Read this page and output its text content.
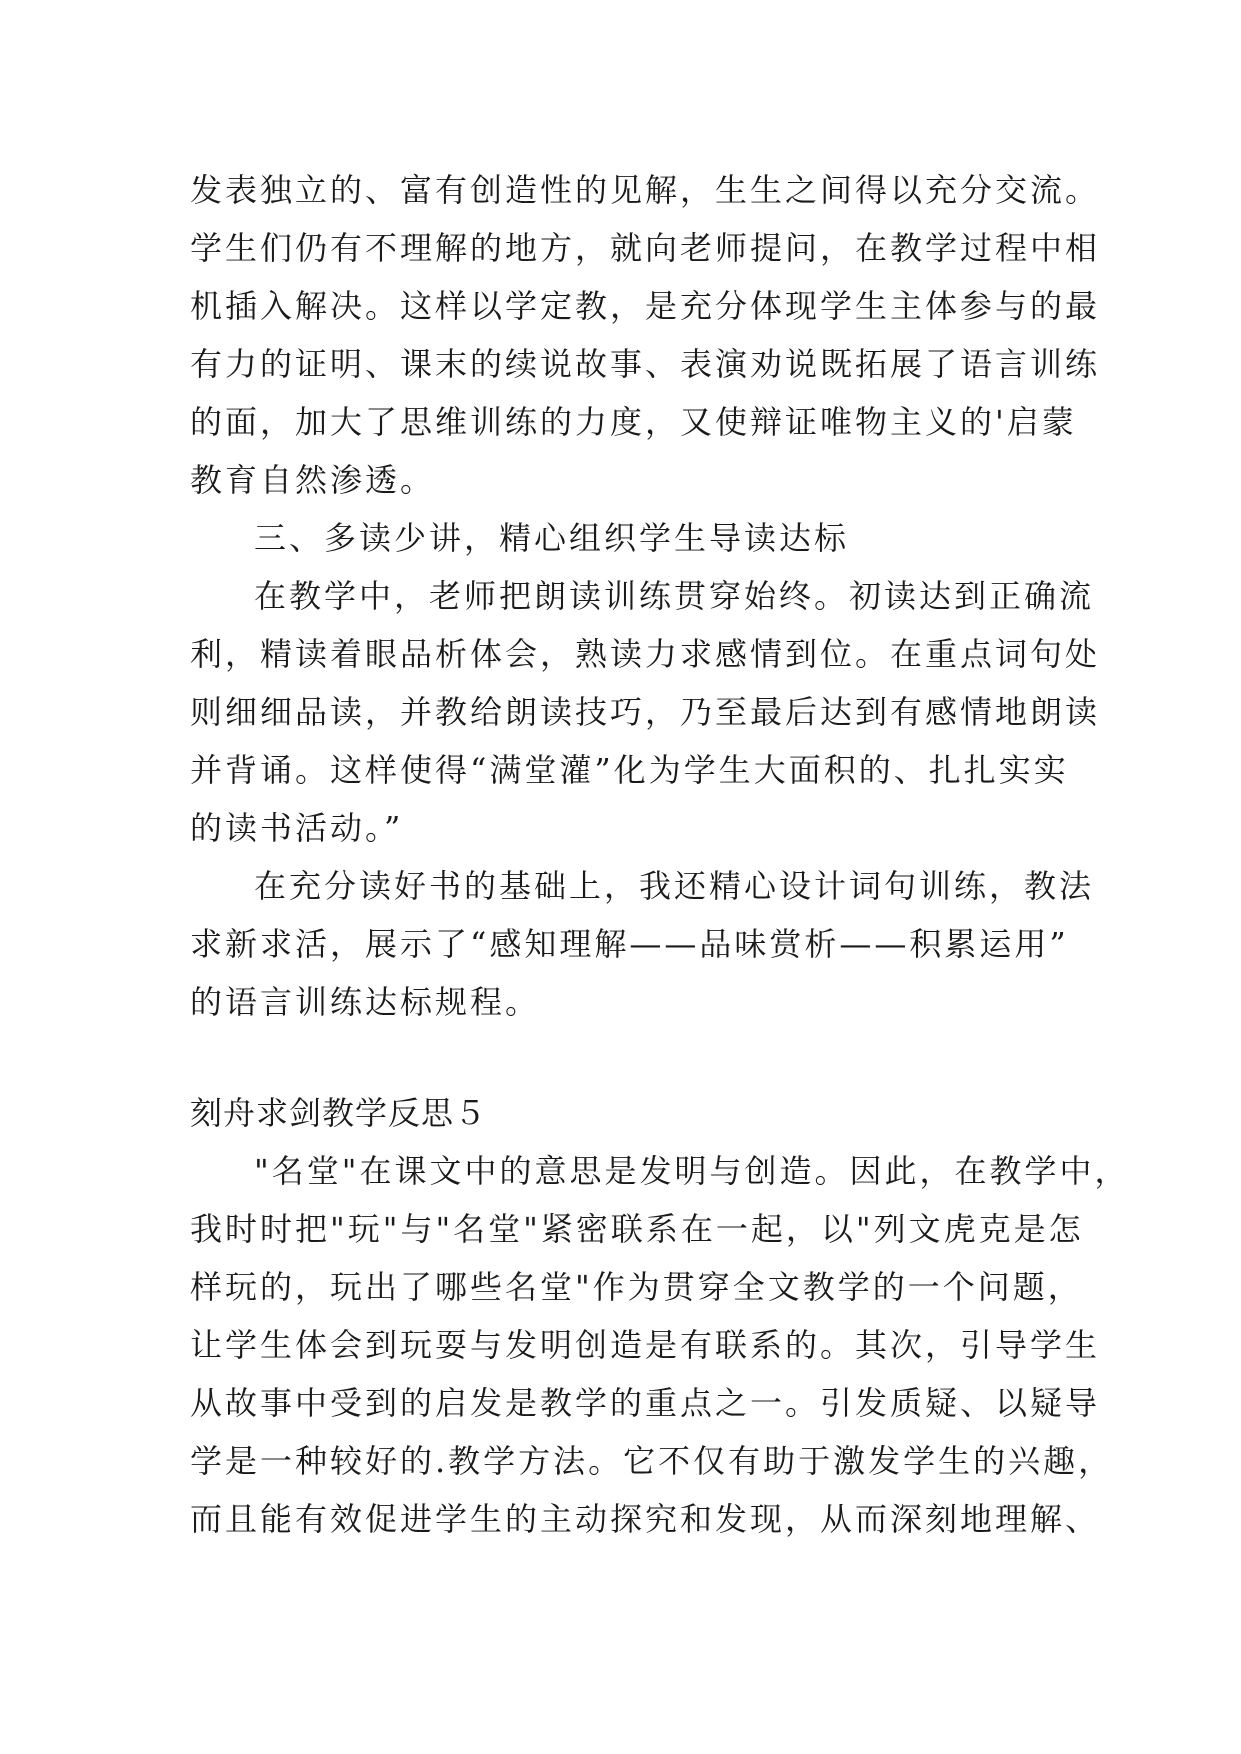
发表独立的、富有创造性的见解，生生之间得以充分交流。
学生们仍有不理解的地方，就向老师提问，在教学过程中相
机插入解决。这样以学定教，是充分体现学生主体参与的最
有力的证明、课末的续说故事、表演劝说既拓展了语言训练
的面，加大了思维训练的力度，又使辩证唯物主义的'启蒙
教育自然渗透。
三、多读少讲，精心组织学生导读达标
在教学中，老师把朗读训练贯穿始终。初读达到正确流
利，精读着眼品析体会，熟读力求感情到位。在重点词句处
则细细品读，并教给朗读技巧，乃至最后达到有感情地朗读
并背诵。这样使得“满堂灌”化为学生大面积的、扎扎实实
的读书活动。”
在充分读好书的基础上，我还精心设计词句训练，教法
求新求活，展示了“感知理解——品味赏析——积累运用”
的语言训练达标规程。
刻舟求剑教学反思５
"名堂"在课文中的意思是发明与创造。因此，在教学中，
我时时把"玩"与"名堂"紧密联系在一起，以"列文虎克是怎
样玩的，玩出了哪些名堂"作为贯穿全文教学的一个问题，
让学生体会到玩耍与发明创造是有联系的。其次，引导学生
从故事中受到的启发是教学的重点之一。引发质疑、以疑导
学是一种较好的.教学方法。它不仅有助于激发学生的兴趣，
而且能有效促进学生的主动探究和发现，从而深刻地理解、
